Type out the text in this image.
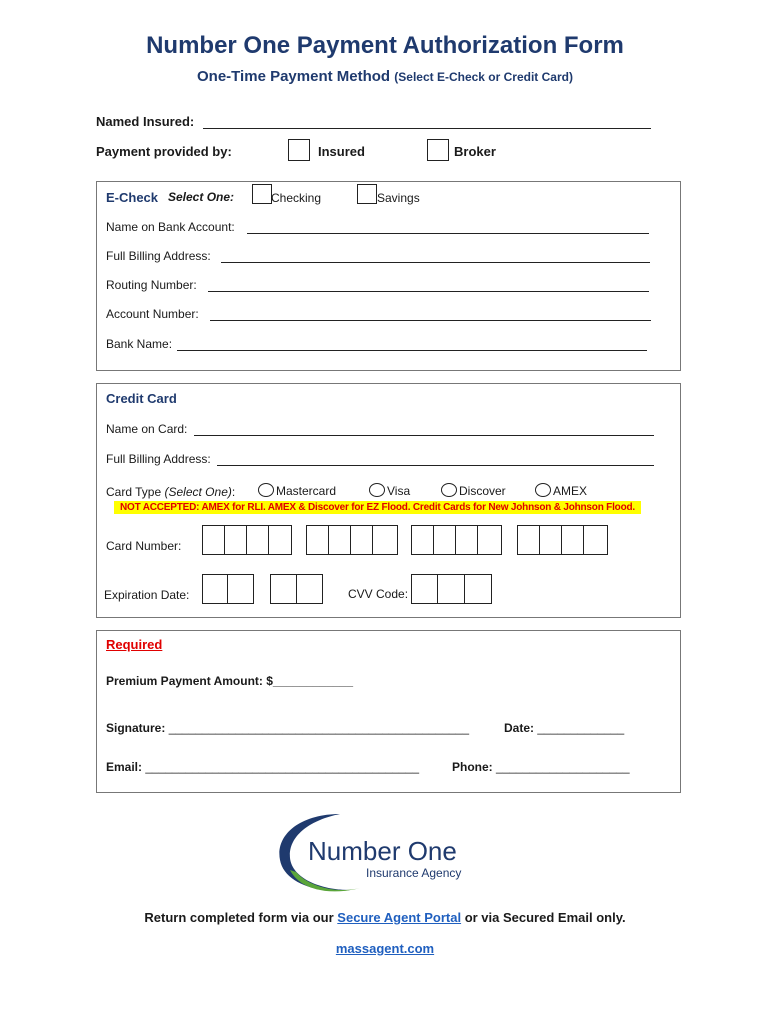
Number One Payment Authorization Form
One-Time Payment Method (Select E-Check or Credit Card)
Named Insured:
Payment provided by:	Insured	Broker
E-Check Select One:	Checking	Savings
Name on Bank Account:
Full Billing Address:
Routing Number:
Account Number:
Bank Name:
Credit Card
Name on Card:
Full Billing Address:
Card Type (Select One):	Mastercard	Visa	Discover	AMEX
NOT ACCEPTED: AMEX for RLI. AMEX & Discover for EZ Flood. Credit Cards for New Johnson & Johnson Flood.
Card Number:
Expiration Date:	CVV Code:
Required
Premium Payment Amount: $____________
Signature: _____________________________________________	Date: _____________
Email: _________________________________________	Phone: ____________________
Number One
Insurance Agency
Return completed form via our Secure Agent Portal or via Secured Email only.
massagent.com
